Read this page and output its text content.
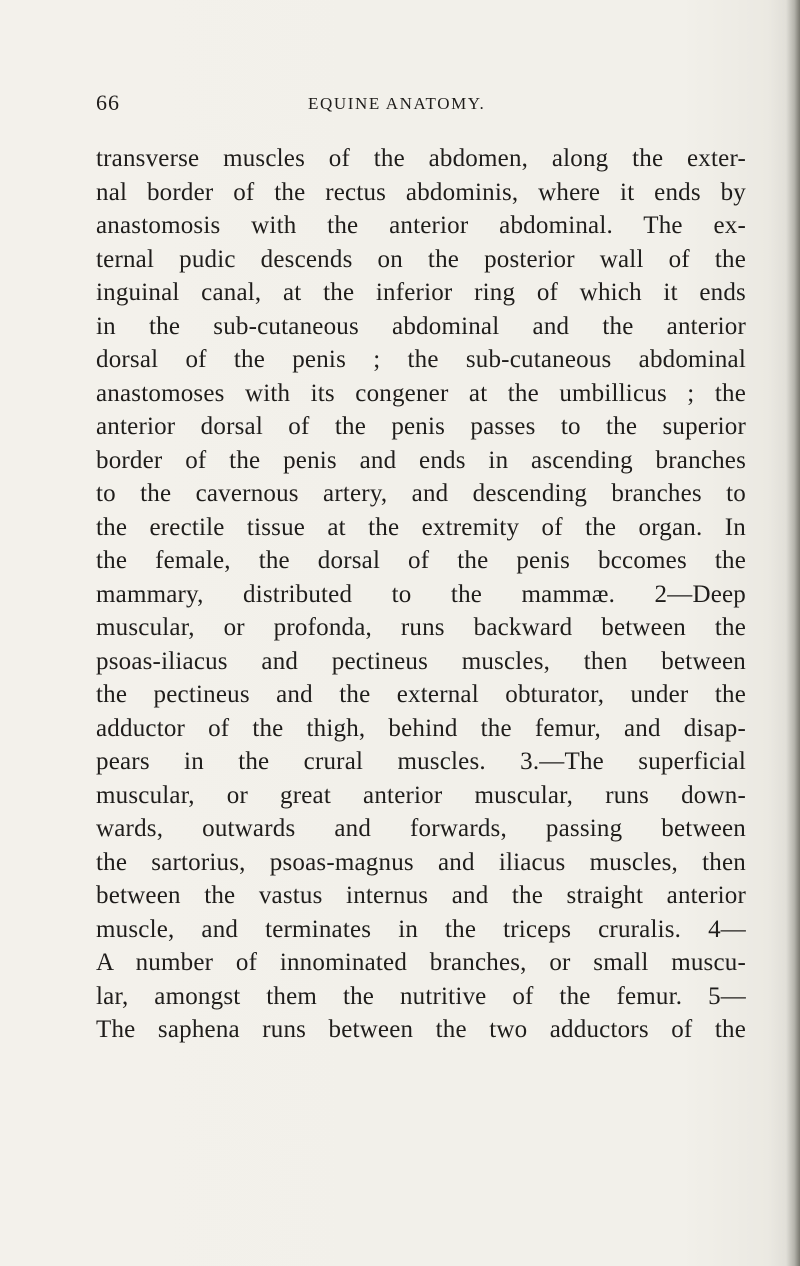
66	EQUINE ANATOMY.
transverse muscles of the abdomen, along the exter-
nal border of the rectus abdominis, where it ends by
anastomosis with the anterior abdominal. The ex-
ternal pudic descends on the posterior wall of the
inguinal canal, at the inferior ring of which it ends
in the sub-cutaneous abdominal and the anterior
dorsal of the penis ; the sub-cutaneous abdominal
anastomoses with its congener at the umbillicus ; the
anterior dorsal of the penis passes to the superior
border of the penis and ends in ascending branches
to the cavernous artery, and descending branches to
the erectile tissue at the extremity of the organ. In
the female, the dorsal of the penis bccomes the
mammary, distributed to the mammæ. 2—Deep
muscular, or profonda, runs backward between the
psoas-iliacus and pectineus muscles, then between
the pectineus and the external obturator, under the
adductor of the thigh, behind the femur, and disap-
pears in the crural muscles. 3.—The superficial
muscular, or great anterior muscular, runs down-
wards, outwards and forwards, passing between
the sartorius, psoas-magnus and iliacus muscles, then
between the vastus internus and the straight anterior
muscle, and terminates in the triceps cruralis. 4—
A number of innominated branches, or small muscu-
lar, amongst them the nutritive of the femur. 5—
The saphena runs between the two adductors of the
